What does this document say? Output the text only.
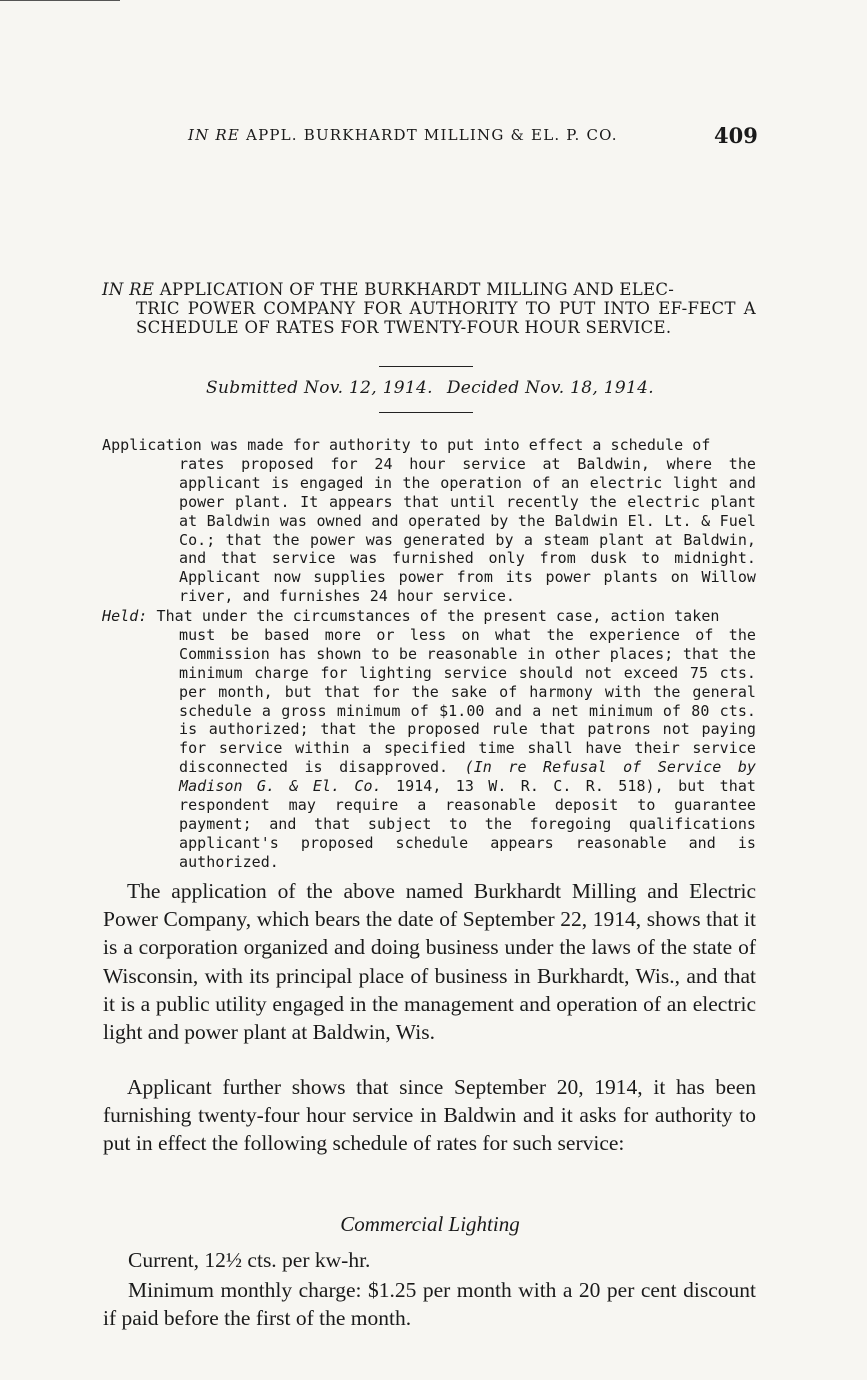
IN RE APPL. BURKHARDT MILLING & EL. P. CO.	409
IN RE APPLICATION OF THE BURKHARDT MILLING AND ELEC-
TRIC POWER COMPANY FOR AUTHORITY TO PUT INTO EF-FECT A SCHEDULE OF RATES FOR TWENTY-FOUR HOUR SERVICE.
Submitted Nov. 12, 1914. Decided Nov. 18, 1914.
Application was made for authority to put into effect a schedule of
rates proposed for 24 hour service at Baldwin, where the applicant is engaged in the operation of an electric light and power plant. It appears that until recently the electric plant at Baldwin was owned and operated by the Baldwin El. Lt. & Fuel Co.; that the power was generated by a steam plant at Baldwin, and that service was furnished only from dusk to midnight. Applicant now supplies power from its power plants on Willow river, and furnishes 24 hour service.
Held: That under the circumstances of the present case, action taken
must be based more or less on what the experience of the Commission has shown to be reasonable in other places; that the minimum charge for lighting service should not exceed 75 cts. per month, but that for the sake of harmony with the general schedule a gross minimum of $1.00 and a net minimum of 80 cts. is authorized; that the proposed rule that patrons not paying for service within a specified time shall have their service disconnected is disapproved. (In re Refusal of Service by Madison G. & El. Co. 1914, 13 W. R. C. R. 518), but that respondent may require a reasonable deposit to guarantee payment; and that subject to the foregoing qualifications applicant's proposed schedule appears reasonable and is authorized.
The application of the above named Burkhardt Milling and Electric Power Company, which bears the date of September 22, 1914, shows that it is a corporation organized and doing business under the laws of the state of Wisconsin, with its principal place of business in Burkhardt, Wis., and that it is a public utility engaged in the management and operation of an electric light and power plant at Baldwin, Wis.
Applicant further shows that since September 20, 1914, it has been furnishing twenty-four hour service in Baldwin and it asks for authority to put in effect the following schedule of rates for such service:
Commercial Lighting
Current, 12½ cts. per kw-hr.
Minimum monthly charge: $1.25 per month with a 20 per cent discount if paid before the first of the month.
